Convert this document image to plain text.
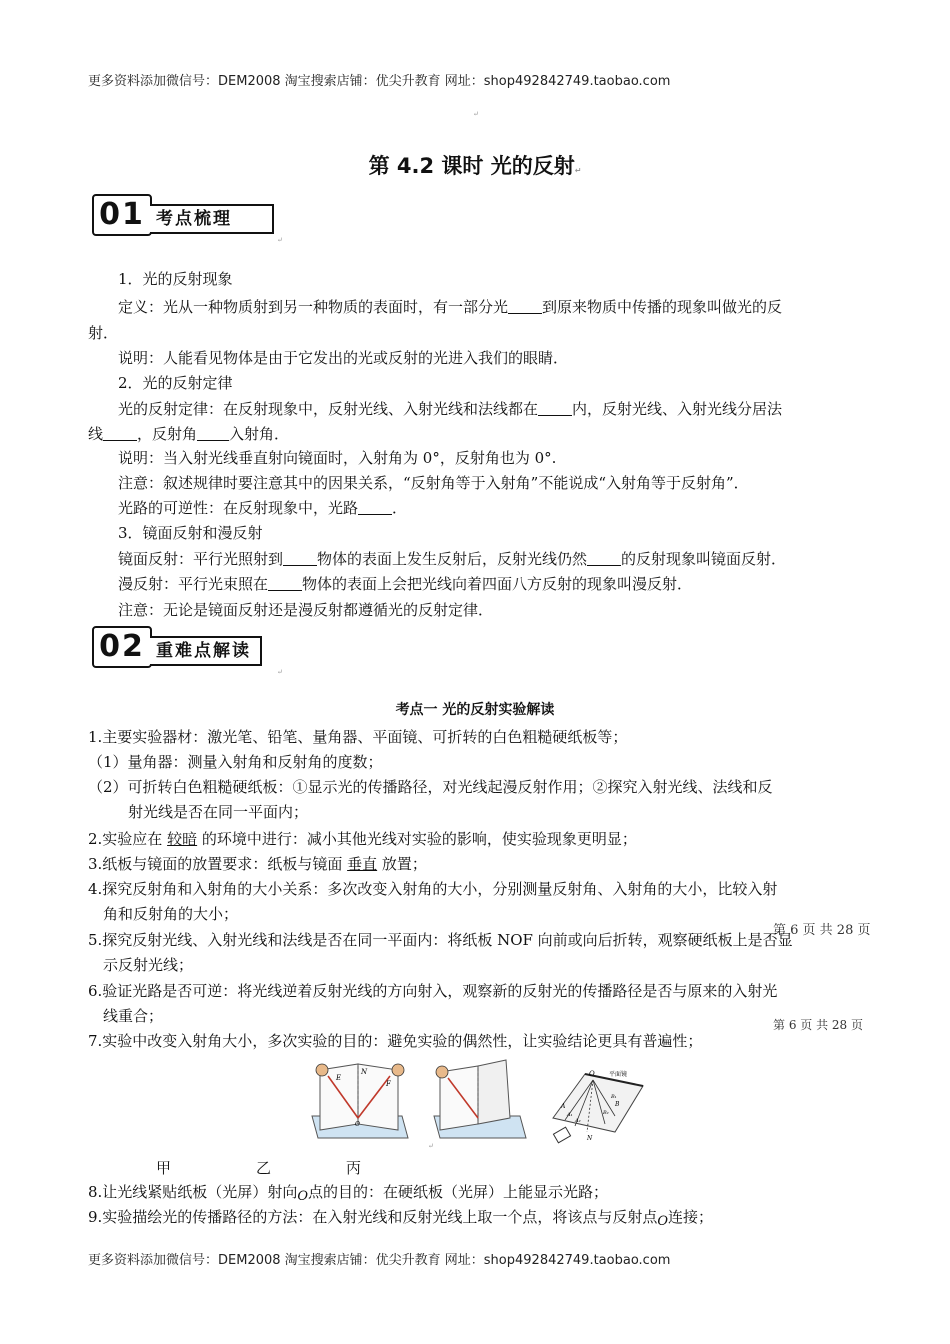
更多资料添加微信号：DEM2008 淘宝搜索店铺：优尖升教育 网址：shop492842749.taobao.com
↵
第 4.2 课时 光的反射↵
01 考点梳理
↵
1．光的反射现象
定义：光从一种物质射到另一种物质的表面时，有一部分光 到原来物质中传播的现象叫做光的反
射．
说明：人能看见物体是由于它发出的光或反射的光进入我们的眼睛．
2．光的反射定律
光的反射定律：在反射现象中，反射光线、入射光线和法线都在 内，反射光线、入射光线分居法
线 ，反射角 入射角．
说明：当入射光线垂直射向镜面时，入射角为 0°，反射角也为 0°.
注意：叙述规律时要注意其中的因果关系，“反射角等于入射角”不能说成“入射角等于反射角”．
光路的可逆性：在反射现象中，光路 ．
3．镜面反射和漫反射
镜面反射：平行光照射到 物体的表面上发生反射后，反射光线仍然 的反射现象叫镜面反射．
漫反射：平行光束照在 物体的表面上会把光线向着四面八方反射的现象叫漫反射．
注意：无论是镜面反射还是漫反射都遵循光的反射定律．
02 重难点解读
↵
考点一 光的反射实验解读
1.主要实验器材：激光笔、铅笔、量角器、平面镜、可折转的白色粗糙硬纸板等；
（1）量角器：测量入射角和反射角的度数；
（2）可折转白色粗糙硬纸板：①显示光的传播路径，对光线起漫反射作用；②探究入射光线、法线和反
射光线是否在同一平面内；
2.实验应在 较暗 的环境中进行：减小其他光线对实验的影响，使实验现象更明显；
3.纸板与镜面的放置要求：纸板与镜面 垂直 放置；
4.探究反射角和入射角的大小关系：多次改变入射角的大小，分别测量反射角、入射角的大小，比较入射
角和反射角的大小；
第 6 页 共 28 页
5.探究反射光线、入射光线和法线是否在同一平面内：将纸板 NOF 向前或向后折转，观察硬纸板上是否显
示反射光线；
6.验证光路是否可逆：将光线逆着反射光线的方向射入，观察新的反射光的传播路径是否与原来的入射光
线重合；	第 6 页 共 28 页
7.实验中改变入射角大小，多次实验的目的：避免实验的偶然性，让实验结论更具有普遍性；
E
N
F
O
O 平面镜
A	B
A₁
B₁
A₂
B₂
N
↵
甲	乙	丙
8.让光线紧贴纸板（光屏）射向O点的目的：在硬纸板（光屏）上能显示光路；
9.实验描绘光的传播路径的方法：在入射光线和反射光线上取一个点，将该点与反射点O连接；
更多资料添加微信号：DEM2008 淘宝搜索店铺：优尖升教育 网址：shop492842749.taobao.com
